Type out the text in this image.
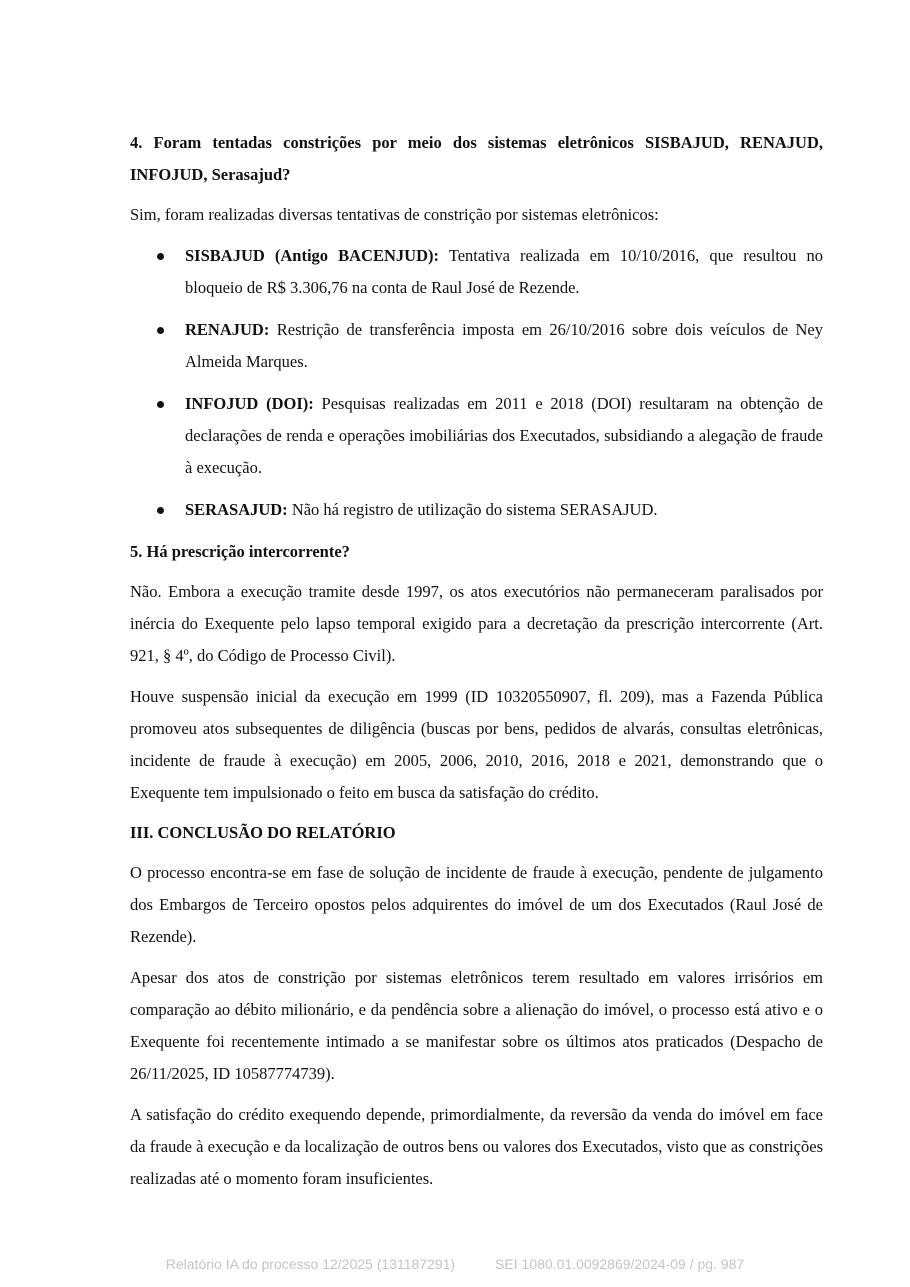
4. Foram tentadas constrições por meio dos sistemas eletrônicos SISBAJUD, RENAJUD, INFOJUD, Serasajud?

Sim, foram realizadas diversas tentativas de constrição por sistemas eletrônicos:

SISBAJUD (Antigo BACENJUD): Tentativa realizada em 10/10/2016, que resultou no bloqueio de R$ 3.306,76 na conta de Raul José de Rezende.
RENAJUD: Restrição de transferência imposta em 26/10/2016 sobre dois veículos de Ney Almeida Marques.
INFOJUD (DOI): Pesquisas realizadas em 2011 e 2018 (DOI) resultaram na obtenção de declarações de renda e operações imobiliárias dos Executados, subsidiando a alegação de fraude à execução.
SERASAJUD: Não há registro de utilização do sistema SERASAJUD.
5. Há prescrição intercorrente?

Não. Embora a execução tramite desde 1997, os atos executórios não permaneceram paralisados por inércia do Exequente pelo lapso temporal exigido para a decretação da prescrição intercorrente (Art. 921, § 4º, do Código de Processo Civil).

Houve suspensão inicial da execução em 1999 (ID 10320550907, fl. 209), mas a Fazenda Pública promoveu atos subsequentes de diligência (buscas por bens, pedidos de alvarás, consultas eletrônicas, incidente de fraude à execução) em 2005, 2006, 2010, 2016, 2018 e 2021, demonstrando que o Exequente tem impulsionado o feito em busca da satisfação do crédito.

III. CONCLUSÃO DO RELATÓRIO

O processo encontra-se em fase de solução de incidente de fraude à execução, pendente de julgamento dos Embargos de Terceiro opostos pelos adquirentes do imóvel de um dos Executados (Raul José de Rezende).

Apesar dos atos de constrição por sistemas eletrônicos terem resultado em valores irrisórios em comparação ao débito milionário, e da pendência sobre a alienação do imóvel, o processo está ativo e o Exequente foi recentemente intimado a se manifestar sobre os últimos atos praticados (Despacho de 26/11/2025, ID 10587774739).

A satisfação do crédito exequendo depende, primordialmente, da reversão da venda do imóvel em face da fraude à execução e da localização de outros bens ou valores dos Executados, visto que as constrições realizadas até o momento foram insuficientes.

Relatório IA do processo 12/2025 (131187291)	SEI 1080.01.0092869/2024-09 / pg. 987
